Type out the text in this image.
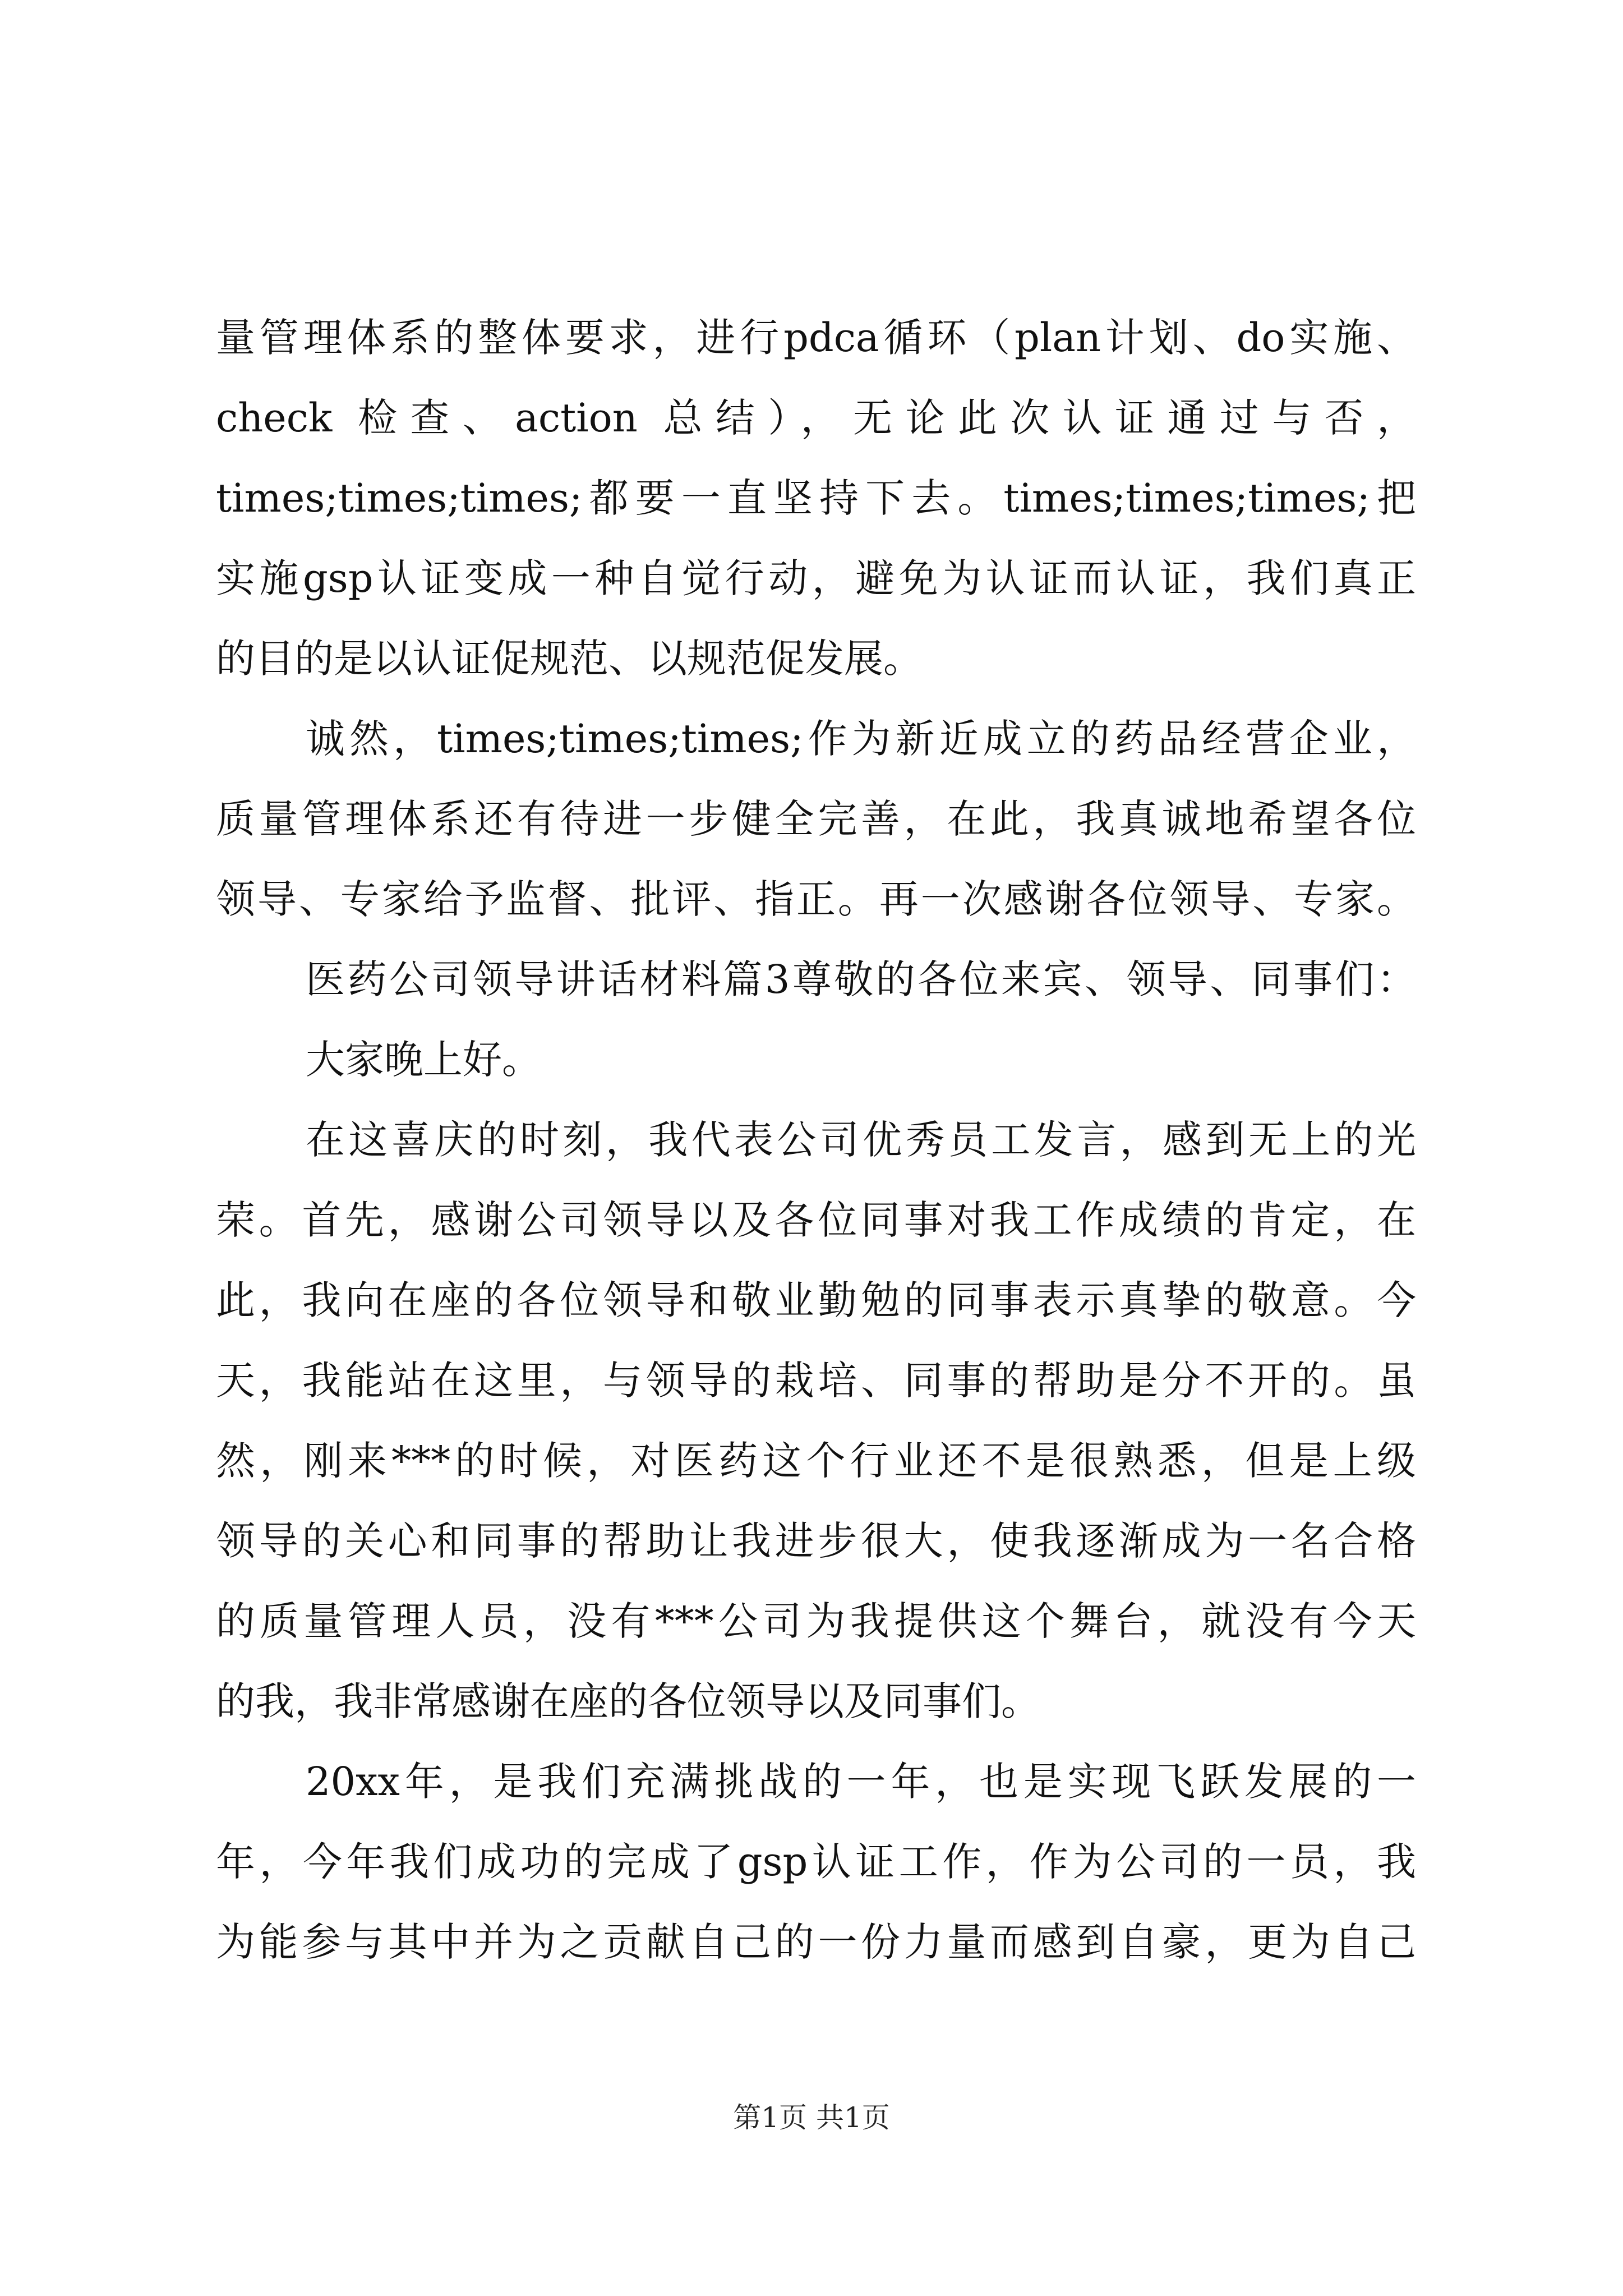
量管理体系的整体要求，进行pdca循环（plan计划、do实施、
check 检查、action 总结），无论此次认证通过与否，
times;times;times;都要一直坚持下去。times;times;times;把
实施gsp认证变成一种自觉行动，避免为认证而认证，我们真正
的目的是以认证促规范、以规范促发展。
诚然，times;times;times;作为新近成立的药品经营企业，
质量管理体系还有待进一步健全完善，在此，我真诚地希望各位
领导、专家给予监督、批评、指正。再一次感谢各位领导、专家。
医药公司领导讲话材料篇3尊敬的各位来宾、领导、同事们：
大家晚上好。
在这喜庆的时刻，我代表公司优秀员工发言，感到无上的光
荣。首先，感谢公司领导以及各位同事对我工作成绩的肯定，在
此，我向在座的各位领导和敬业勤勉的同事表示真挚的敬意。今
天，我能站在这里，与领导的栽培、同事的帮助是分不开的。虽
然，刚来***的时候，对医药这个行业还不是很熟悉，但是上级
领导的关心和同事的帮助让我进步很大，使我逐渐成为一名合格
的质量管理人员，没有***公司为我提供这个舞台，就没有今天
的我，我非常感谢在座的各位领导以及同事们。
20xx年，是我们充满挑战的一年，也是实现飞跃发展的一
年，今年我们成功的完成了gsp认证工作，作为公司的一员，我
为能参与其中并为之贡献自己的一份力量而感到自豪，更为自己
第1页 共1页
